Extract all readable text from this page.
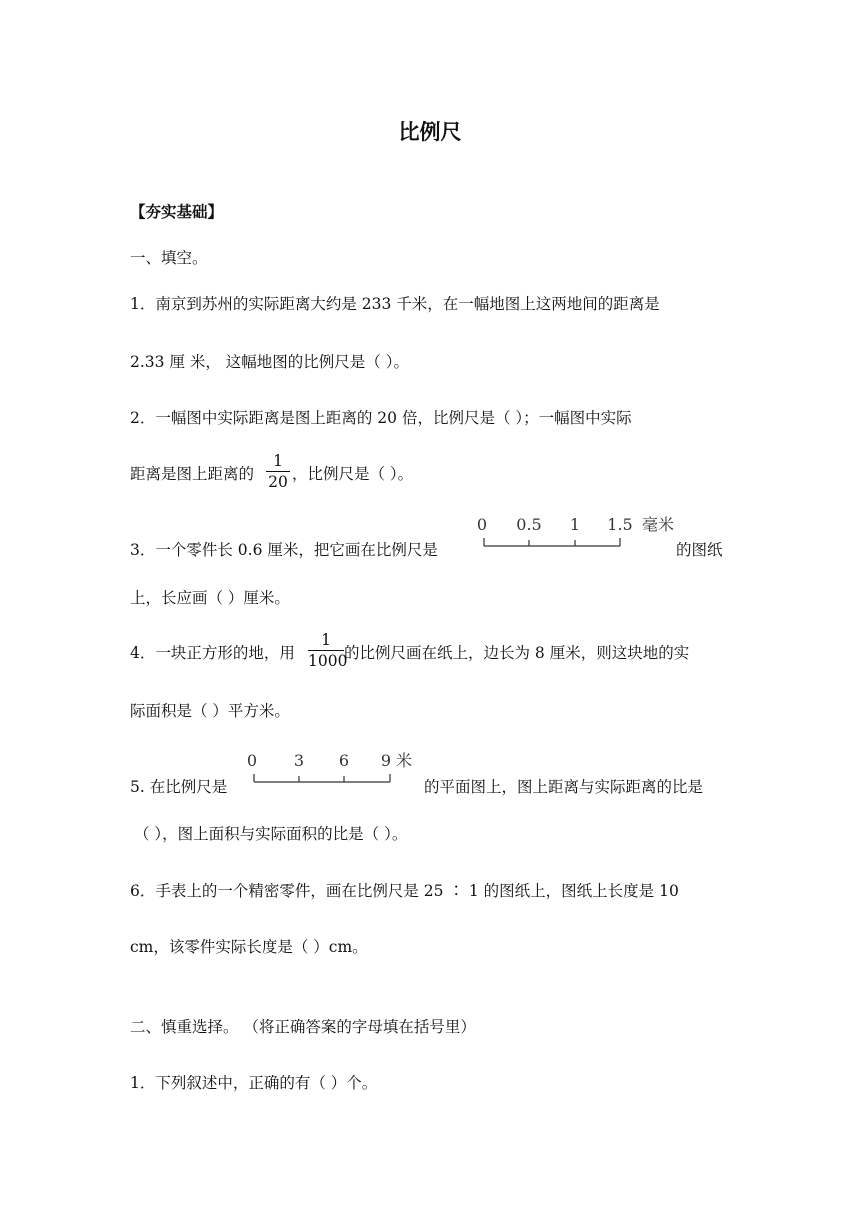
比例尺
【夯实基础】
一、填空。
1．南京到苏州的实际距离大约是 233 千米，在一幅地图上这两地间的距离是
2.33 厘 米， 这幅地图的比例尺是（ ）。
2．一幅图中实际距离是图上距离的 20 倍，比例尺是（ ）；一幅图中实际
距离是图上距离的
1
20 ，比例尺是（ ）。
3．一个零件长 0.6 厘米，把它画在比例尺是
0 0.5 1 1.5 毫米
的图纸
上，长应画（ ）厘米。
4．一块正方形的地，用
1
1000
的比例尺画在纸上，边长为 8 厘米，则这块地的实
际面积是（ ）平方米。
5. 在比例尺是
0 3 6 9 米
的平面图上，图上距离与实际距离的比是
（ ），图上面积与实际面积的比是（ ）。
6．手表上的一个精密零件，画在比例尺是 25 ∶ 1 的图纸上，图纸上长度是 10
cm，该零件实际长度是（ ）cm。
二、慎重选择。 （将正确答案的字母填在括号里）
1．下列叙述中，正确的有（ ）个。
